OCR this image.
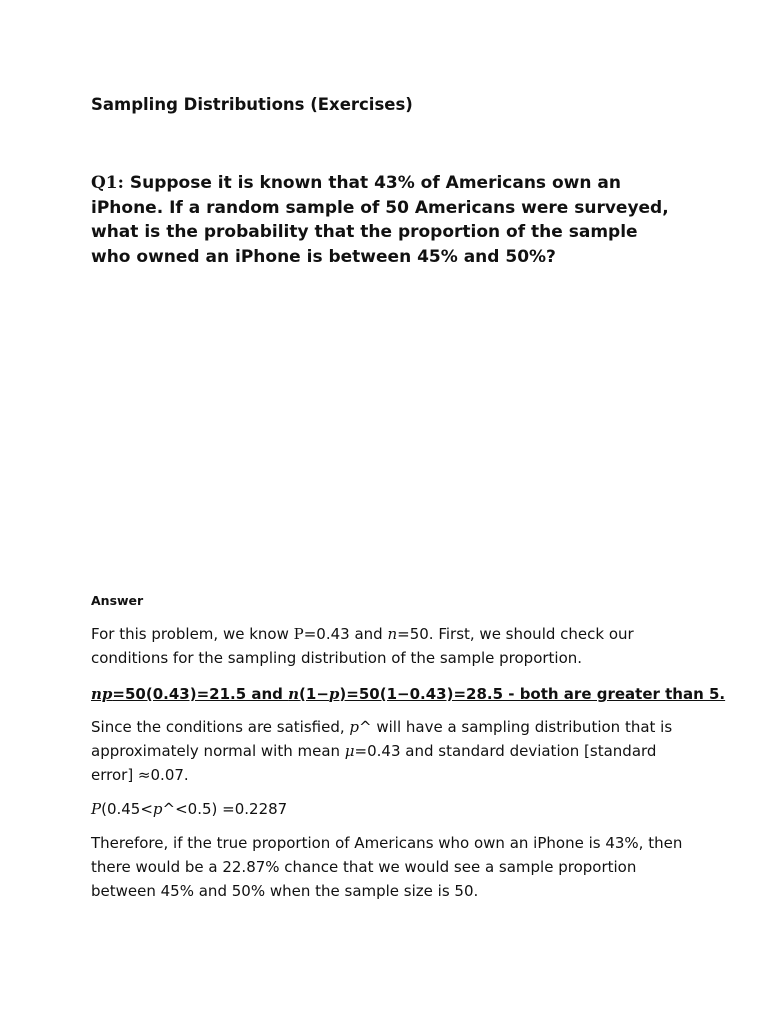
Sampling Distributions (Exercises)
Q1: Suppose it is known that 43% of Americans own an iPhone. If a random sample of 50 Americans were surveyed, what is the probability that the proportion of the sample who owned an iPhone is between 45% and 50%?
Answer
For this problem, we know P=0.43 and n=50. First, we should check our conditions for the sampling distribution of the sample proportion.
np=50(0.43)=21.5 and n(1−p)=50(1−0.43)=28.5 - both are greater than 5.
Since the conditions are satisfied, p^ will have a sampling distribution that is approximately normal with mean μ=0.43 and standard deviation [standard error] ≈0.07.
P(0.45<p^<0.5) =0.2287
Therefore, if the true proportion of Americans who own an iPhone is 43%, then there would be a 22.87% chance that we would see a sample proportion between 45% and 50% when the sample size is 50.
